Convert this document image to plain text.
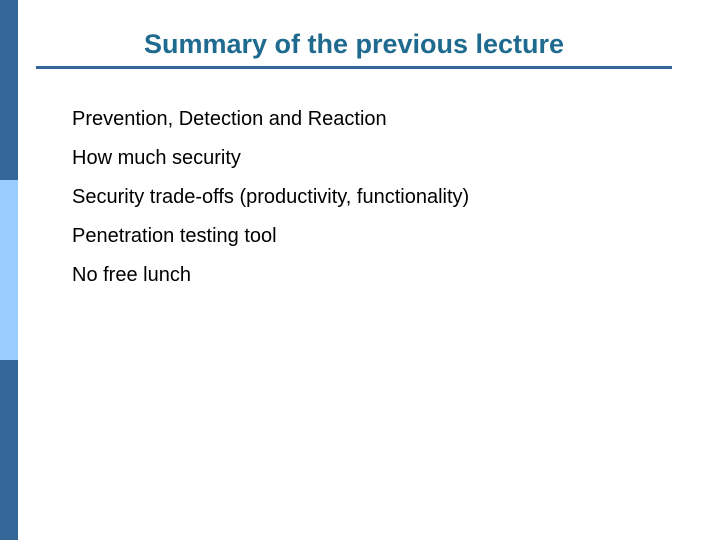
Summary of the previous lecture
Prevention, Detection and Reaction
How much security
Security trade-offs (productivity, functionality)
Penetration testing tool
No free lunch
